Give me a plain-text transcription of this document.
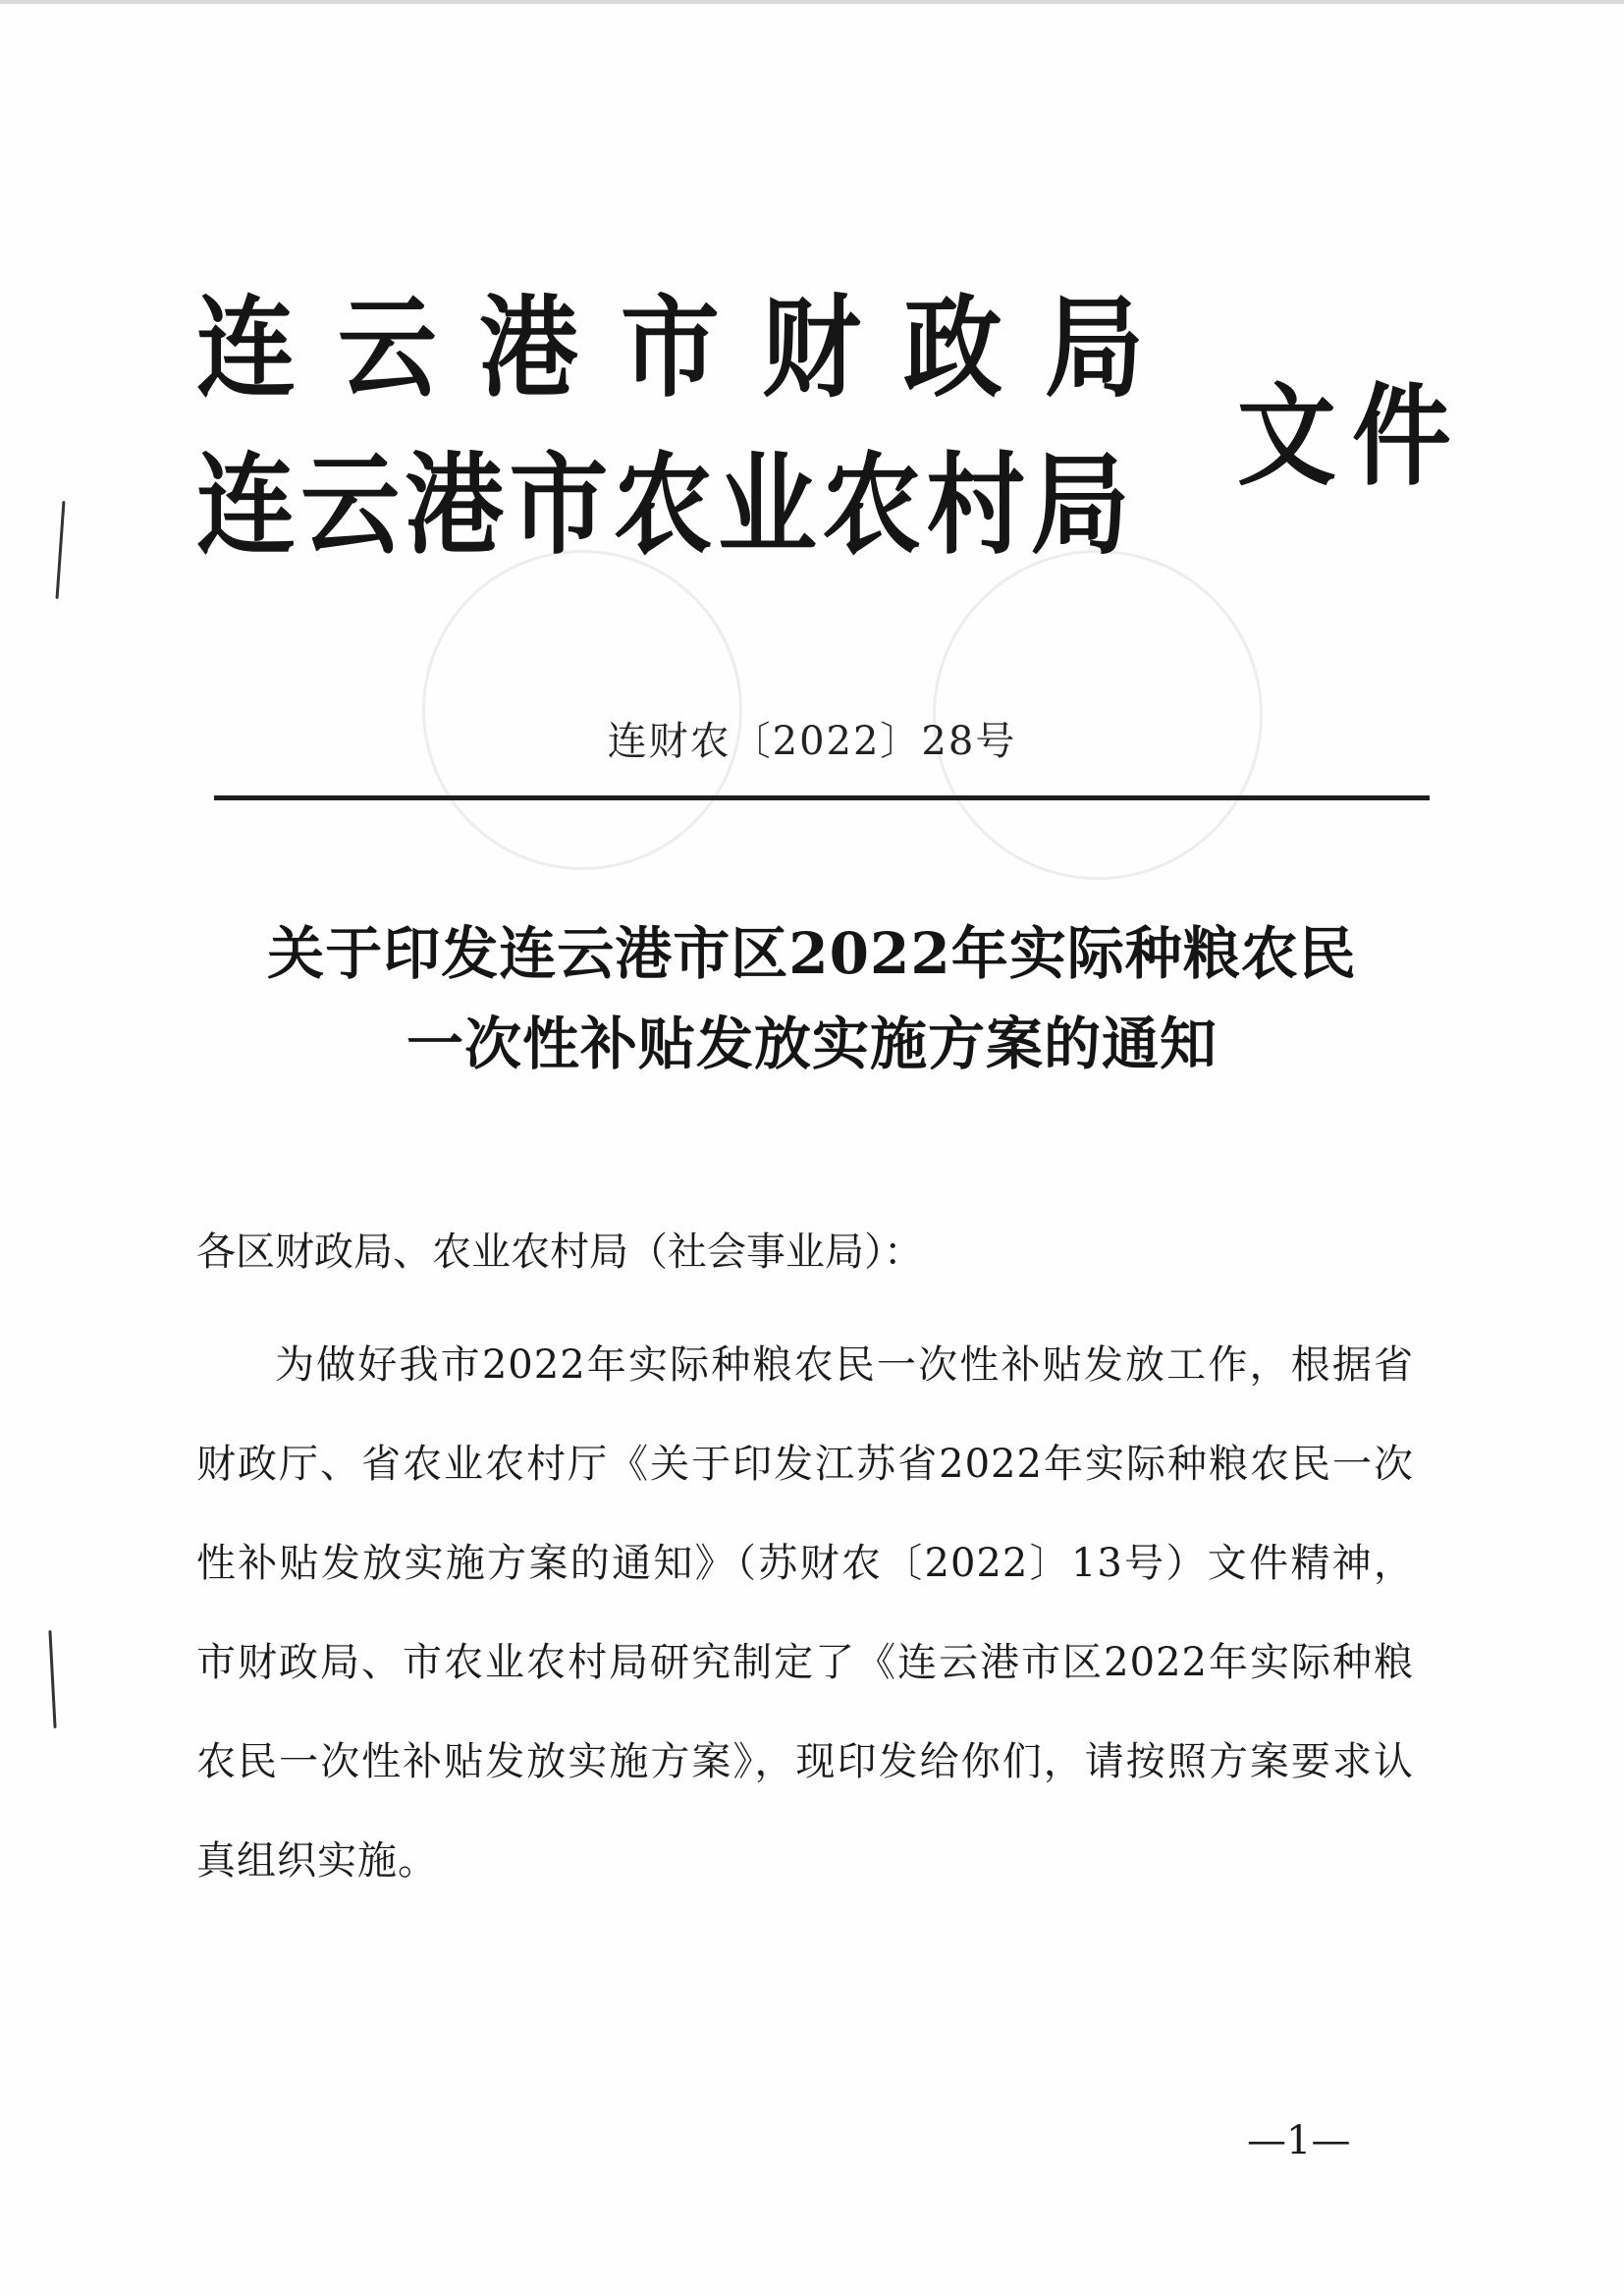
连云港市财政局
连云港市农业农村局
文件
连财农〔2022〕28号
关于印发连云港市区2022年实际种粮农民
一次性补贴发放实施方案的通知
各区财政局、农业农村局（社会事业局）：
为做好我市2022年实际种粮农民一次性补贴发放工作，根据省财政厅、省农业农村厅《关于印发江苏省2022年实际种粮农民一次性补贴发放实施方案的通知》（苏财农〔2022〕13号）文件精神，市财政局、市农业农村局研究制定了《连云港市区2022年实际种粮农民一次性补贴发放实施方案》，现印发给你们，请按照方案要求认真组织实施。
—1—
